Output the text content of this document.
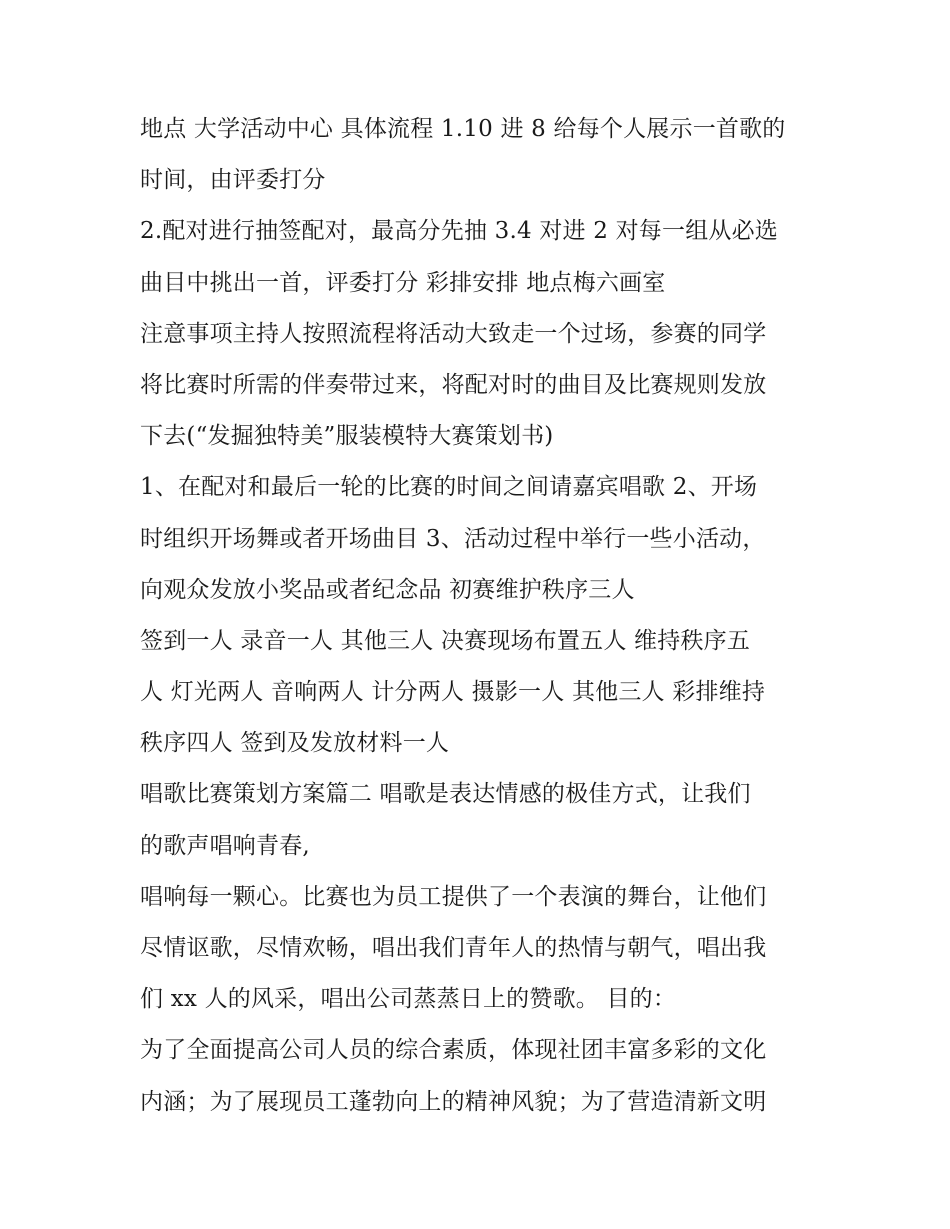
地点 大学活动中心 具体流程 1.10 进 8 给每个人展示一首歌的
时间，由评委打分
2.配对进行抽签配对，最高分先抽 3.4 对进 2 对每一组从必选
曲目中挑出一首，评委打分 彩排安排 地点梅六画室
注意事项主持人按照流程将活动大致走一个过场，参赛的同学
将比赛时所需的伴奏带过来，将配对时的曲目及比赛规则发放
下去(“发掘独特美”服装模特大赛策划书)
1、在配对和最后一轮的比赛的时间之间请嘉宾唱歌 2、开场
时组织开场舞或者开场曲目 3、活动过程中举行一些小活动，
向观众发放小奖品或者纪念品 初赛维护秩序三人
签到一人 录音一人 其他三人 决赛现场布置五人 维持秩序五
人 灯光两人 音响两人 计分两人 摄影一人 其他三人 彩排维持
秩序四人 签到及发放材料一人
唱歌比赛策划方案篇二 唱歌是表达情感的极佳方式，让我们
的歌声唱响青春,
唱响每一颗心。比赛也为员工提供了一个表演的舞台，让他们
尽情讴歌，尽情欢畅，唱出我们青年人的热情与朝气，唱出我
们 xx 人的风采，唱出公司蒸蒸日上的赞歌。 目的：
为了全面提高公司人员的综合素质，体现社团丰富多彩的文化
内涵；为了展现员工蓬勃向上的精神风貌；为了营造清新文明
